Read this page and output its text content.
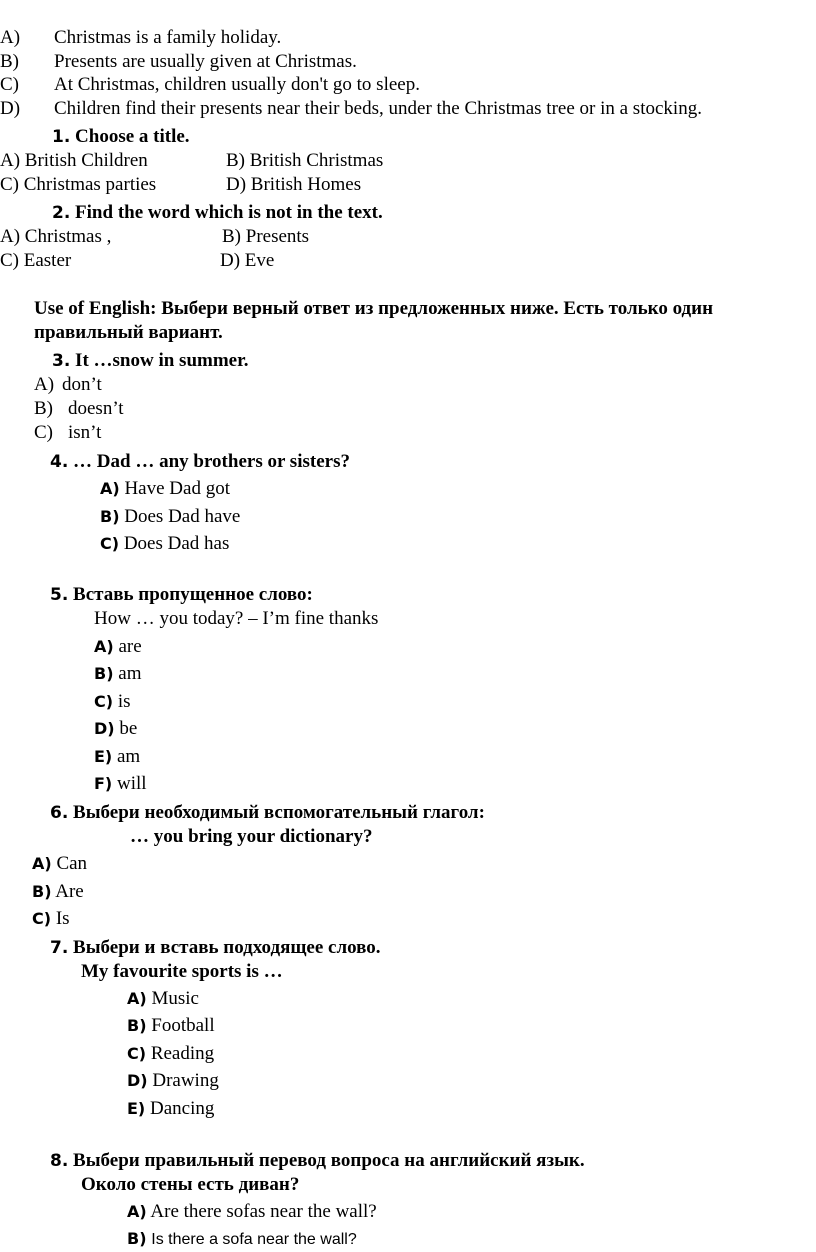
A) Christmas is a family holiday.
B) Presents are usually given at Christmas.
C) At Christmas, children usually don't go to sleep.
D) Children find their presents near their beds, under the Christmas tree or in a stocking.
1. Choose a title.
A) British Children	B) British Christmas
C) Christmas parties	D) British Homes
2. Find the word which is not in the text.
A) Christmas ,	B) Presents
C) Easter	D) Eve
Use of English: Выбери верный ответ из предложенных ниже. Есть только один
правильный вариант.
3. It …snow in summer.
A) don’t
B) doesn’t
C) isn’t
4. … Dad … any brothers or sisters?
A) Have Dad got
B) Does Dad have
C) Does Dad has
5. Вставь пропущенное слово:
How … you today? – I’m fine thanks
A) are
B) am
C) is
D) be
E) am
F) will
6. Выбери необходимый вспомогательный глагол:
… you bring your dictionary?
A) Can
B) Are
C) Is
7. Выбери и вставь подходящее слово.
My favourite sports is …
A) Music
B) Football
C) Reading
D) Drawing
E) Dancing
8. Выбери правильный перевод вопроса на английский язык.
Около стены есть диван?
A) Are there sofas near the wall?
B) Is there a sofa near the wall?
